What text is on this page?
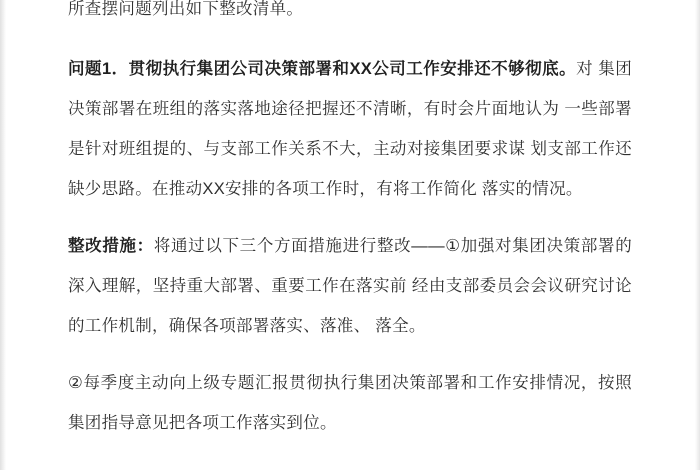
所查摆问题列出如下整改清单。
问题1．贯彻执行集团公司决策部署和XX公司工作安排还不够彻底。对 集团
决策部署在班组的落实落地途径把握还不清晰，有时会片面地认为 一些部署
是针对班组提的、与支部工作关系不大，主动对接集团要求谋 划支部工作还
缺少思路。在推动XX安排的各项工作时，有将工作简化 落实的情况。
整改措施：将通过以下三个方面措施进行整改——①加强对集团决策部署的
深入理解，坚持重大部署、重要工作在落实前 经由支部委员会会议研究讨论
的工作机制，确保各项部署落实、落准、 落全。
②每季度主动向上级专题汇报贯彻执行集团决策部署和工作安排情况，按照
集团指导意见把各项工作落实到位。
